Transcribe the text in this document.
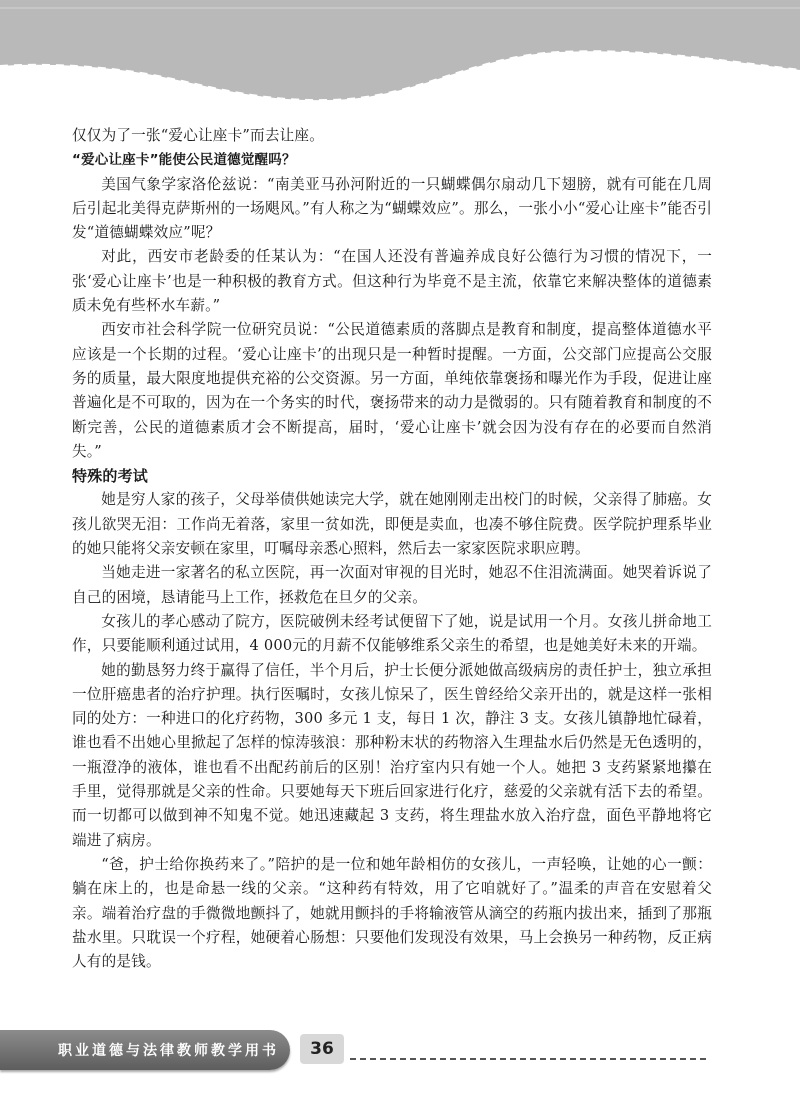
仅仅为了一张“爱心让座卡”而去让座。

“爱心让座卡”能使公民道德觉醒吗？

美国气象学家洛伦兹说：“南美亚马孙河附近的一只蝴蝶偶尔扇动几下翅膀，就有可能在几周后引起北美得克萨斯州的一场飓风。”有人称之为“蝴蝶效应”。那么，一张小小“爱心让座卡”能否引发“道德蝴蝶效应”呢？

对此，西安市老龄委的任某认为：“在国人还没有普遍养成良好公德行为习惯的情况下，一张‘爱心让座卡’也是一种积极的教育方式。但这种行为毕竟不是主流，依靠它来解决整体的道德素质未免有些杯水车薪。”

西安市社会科学院一位研究员说：“公民道德素质的落脚点是教育和制度，提高整体道德水平应该是一个长期的过程。‘爱心让座卡’的出现只是一种暂时提醒。一方面，公交部门应提高公交服务的质量，最大限度地提供充裕的公交资源。另一方面，单纯依靠褒扬和曝光作为手段，促进让座普遍化是不可取的，因为在一个务实的时代，褒扬带来的动力是微弱的。只有随着教育和制度的不断完善，公民的道德素质才会不断提高，届时，‘爱心让座卡’就会因为没有存在的必要而自然消失。”

特殊的考试

她是穷人家的孩子，父母举债供她读完大学，就在她刚刚走出校门的时候，父亲得了肺癌。女孩儿欲哭无泪：工作尚无着落，家里一贫如洗，即便是卖血，也凑不够住院费。医学院护理系毕业的她只能将父亲安顿在家里，叮嘱母亲悉心照料，然后去一家家医院求职应聘。

当她走进一家著名的私立医院，再一次面对审视的目光时，她忍不住泪流满面。她哭着诉说了自己的困境，恳请能马上工作，拯救危在旦夕的父亲。

女孩儿的孝心感动了院方，医院破例未经考试便留下了她，说是试用一个月。女孩儿拼命地工作，只要能顺利通过试用，4 000元的月薪不仅能够维系父亲生的希望，也是她美好未来的开端。

她的勤恳努力终于赢得了信任，半个月后，护士长便分派她做高级病房的责任护士，独立承担一位肝癌患者的治疗护理。执行医嘱时，女孩儿惊呆了，医生曾经给父亲开出的，就是这样一张相同的处方：一种进口的化疗药物，300 多元 1 支，每日 1 次，静注 3 支。女孩儿镇静地忙碌着，谁也看不出她心里掀起了怎样的惊涛骇浪：那种粉末状的药物溶入生理盐水后仍然是无色透明的，一瓶澄净的液体，谁也看不出配药前后的区别！治疗室内只有她一个人。她把 3 支药紧紧地攥在手里，觉得那就是父亲的性命。只要她每天下班后回家进行化疗，慈爱的父亲就有活下去的希望。而一切都可以做到神不知鬼不觉。她迅速藏起 3 支药，将生理盐水放入治疗盘，面色平静地将它端进了病房。

“爸，护士给你换药来了。”陪护的是一位和她年龄相仿的女孩儿，一声轻唤，让她的心一颤：躺在床上的，也是命悬一线的父亲。“这种药有特效，用了它咱就好了。”温柔的声音在安慰着父亲。端着治疗盘的手微微地颤抖了，她就用颤抖的手将输液管从滴空的药瓶内拔出来，插到了那瓶盐水里。只耽误一个疗程，她硬着心肠想：只要他们发现没有效果，马上会换另一种药物，反正病人有的是钱。

职业道德与法律教师教学用书	36
